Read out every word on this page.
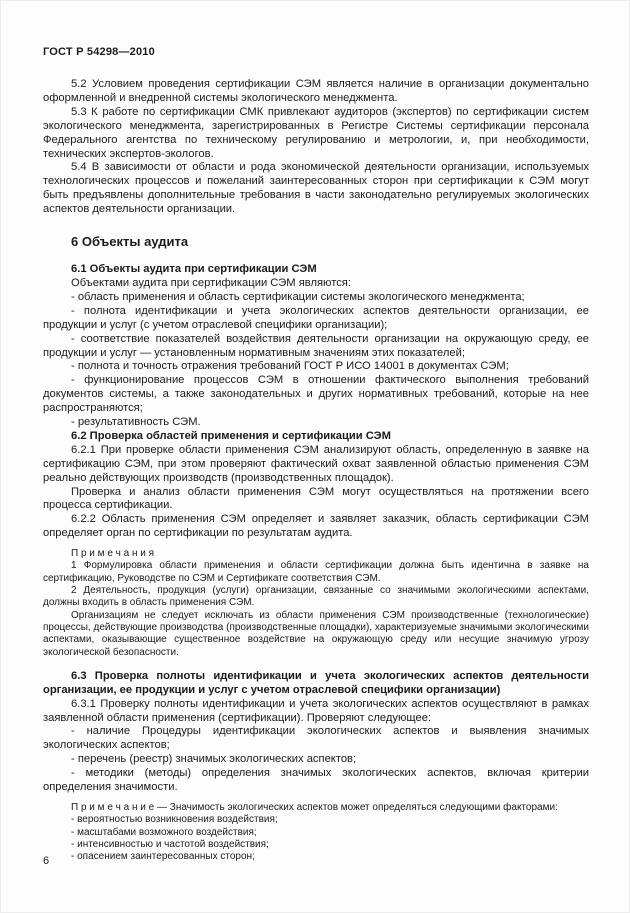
ГОСТ Р 54298—2010

5.2 Условием проведения сертификации СЭМ является наличие в организации документально оформленной и внедренной системы экологического менеджмента.

5.3 К работе по сертификации СМК привлекают аудиторов (экспертов) по сертификации систем экологического менеджмента, зарегистрированных в Регистре Системы сертификации персонала Федерального агентства по техническому регулированию и метрологии, и, при необходимости, технических экспертов-экологов.

5.4 В зависимости от области и рода экономической деятельности организации, используемых технологических процессов и пожеланий заинтересованных сторон при сертификации к СЭМ могут быть предъявлены дополнительные требования в части законодательно регулируемых экологических аспектов деятельности организации.

6 Объекты аудита

6.1 Объекты аудита при сертификации СЭМ

Объектами аудита при сертификации СЭМ являются:

- область применения и область сертификации системы экологического менеджмента;

- полнота идентификации и учета экологических аспектов деятельности организации, ее продукции и услуг (с учетом отраслевой специфики организации);

- соответствие показателей воздействия деятельности организации на окружающую среду, ее продукции и услуг — установленным нормативным значениям этих показателей;

- полнота и точность отражения требований ГОСТ Р ИСО 14001 в документах СЭМ;

- функционирование процессов СЭМ в отношении фактического выполнения требований документов системы, а также законодательных и других нормативных требований, которые на нее распространяются;

- результативность СЭМ.

6.2 Проверка областей применения и сертификации СЭМ

6.2.1 При проверке области применения СЭМ анализируют область, определенную в заявке на сертификацию СЭМ, при этом проверяют фактический охват заявленной областью применения СЭМ реально действующих производств (производственных площадок).

Проверка и анализ области применения СЭМ могут осуществляться на протяжении всего процесса сертификации.

6.2.2 Область применения СЭМ определяет и заявляет заказчик, область сертификации СЭМ определяет орган по сертификации по результатам аудита.

П р и м е ч а н и я

1 Формулировка области применения и области сертификации должна быть идентична в заявке на сертификацию, Руководстве по СЭМ и Сертификате соответствия СЭМ.

2 Деятельность, продукция (услуги) организации, связанные со значимыми экологическими аспектами, должны входить в область применения СЭМ.

Организациям не следует исключать из области применения СЭМ производственные (технологические) процессы, действующие производства (производственные площадки), характеризуемые значимыми экологическими аспектами, оказывающие существенное воздействие на окружающую среду или несущие значимую угрозу экологической безопасности.

6.3 Проверка полноты идентификации и учета экологических аспектов деятельности организации, ее продукции и услуг с учетом отраслевой специфики организации)

6.3.1 Проверку полноты идентификации и учета экологических аспектов осуществляют в рамках заявленной области применения (сертификации). Проверяют следующее:

- наличие Процедуры идентификации экологических аспектов и выявления значимых экологических аспектов;

- перечень (реестр) значимых экологических аспектов;

- методики (методы) определения значимых экологических аспектов, включая критерии определения значимости.

П р и м е ч а н и е — Значимость экологических аспектов может определяться следующими факторами:

- вероятностью возникновения воздействия;

- масштабами возможного воздействия;

- интенсивностью и частотой воздействия;

- опасением заинтересованных сторон;

6
